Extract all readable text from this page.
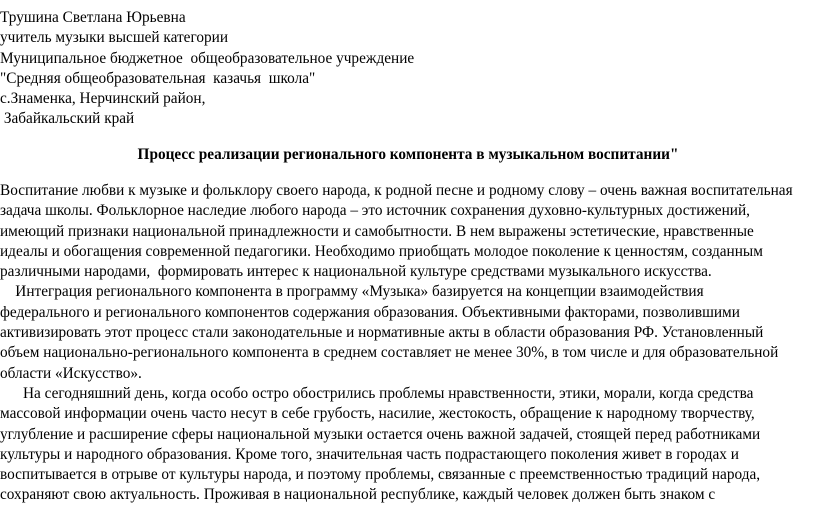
Трушина Светлана Юрьевна
учитель музыки высшей категории
Муниципальное бюджетное  общеобразовательное учреждение
"Средняя общеобразовательная  казачья  школа"
с.Знаменка, Нерчинский район,
Забайкальский край
Процесс реализации регионального компонента в музыкальном воспитании"
Воспитание любви к музыке и фольклору своего народа, к родной песне и родному слову – очень важная воспитательная
задача школы. Фольклорное наследие любого народа – это источник сохранения духовно-культурных достижений,
имеющий признаки национальной принадлежности и самобытности. В нем выражены эстетические, нравственные
идеалы и обогащения современной педагогики. Необходимо приобщать молодое поколение к ценностям, созданным
различными народами,  формировать интерес к национальной культуре средствами музыкального искусства.
Интеграция регионального компонента в программу «Музыка» базируется на концепции взаимодействия
федерального и регионального компонентов содержания образования. Объективными факторами, позволившими
активизировать этот процесс стали законодательные и нормативные акты в области образования РФ. Установленный
объем национально-регионального компонента в среднем составляет не менее 30%, в том числе и для образовательной
области «Искусство».
На сегодняшний день, когда особо остро обострились проблемы нравственности, этики, морали, когда средства
массовой информации очень часто несут в себе грубость, насилие, жестокость, обращение к народному творчеству,
углубление и расширение сферы национальной музыки остается очень важной задачей, стоящей перед работниками
культуры и народного образования. Кроме того, значительная часть подрастающего поколения живет в городах и
воспитывается в отрыве от культуры народа, и поэтому проблемы, связанные с преемственностью традиций народа,
сохраняют свою актуальность. Проживая в национальной республике, каждый человек должен быть знаком с
